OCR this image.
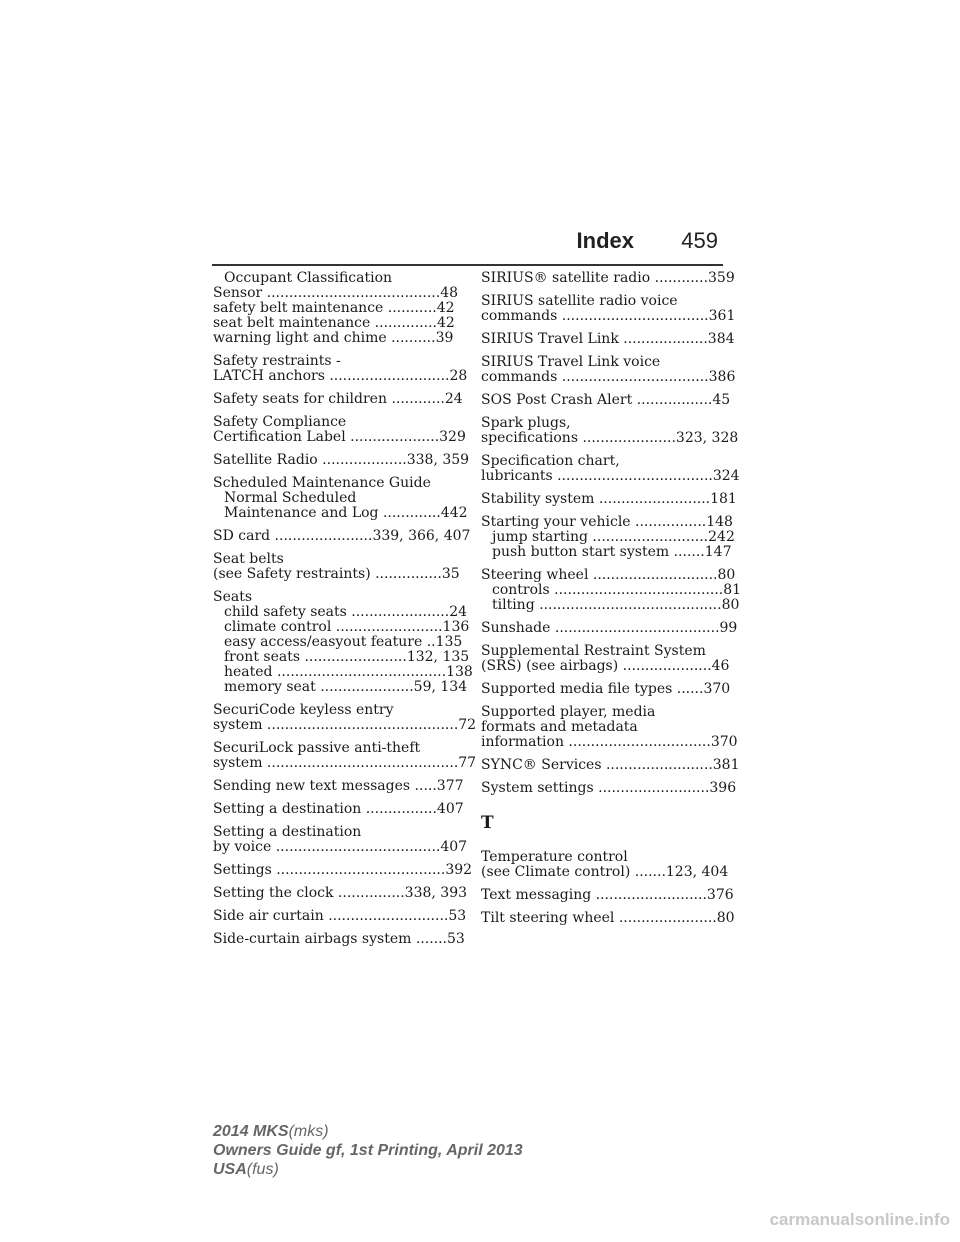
Index 459
Occupant Classification
Sensor .......................................48
safety belt maintenance ...........42
seat belt maintenance ..............42
warning light and chime ..........39
Safety restraints -
LATCH anchors ...........................28
Safety seats for children ............24
Safety Compliance
Certification Label ....................329
Satellite Radio ...................338, 359
Scheduled Maintenance Guide
Normal Scheduled
Maintenance and Log .............442
SD card ......................339, 366, 407
Seat belts
(see Safety restraints) ...............35
Seats
child safety seats ......................24
climate control ........................136
easy access/easyout feature ..135
front seats .......................132, 135
heated ......................................138
memory seat .....................59, 134
SecuriCode keyless entry
system ...........................................72
SecuriLock passive anti-theft
system ...........................................77
Sending new text messages .....377
Setting a destination ................407
Setting a destination
by voice .....................................407
Settings ......................................392
Setting the clock ...............338, 393
Side air curtain ...........................53
Side-curtain airbags system .......53
SIRIUS® satellite radio ............359
SIRIUS satellite radio voice
commands .................................361
SIRIUS Travel Link ...................384
SIRIUS Travel Link voice
commands .................................386
SOS Post Crash Alert .................45
Spark plugs,
specifications .....................323, 328
Specification chart,
lubricants ...................................324
Stability system .........................181
Starting your vehicle ................148
jump starting ..........................242
push button start system .......147
Steering wheel ............................80
controls ......................................81
tilting .........................................80
Sunshade .....................................99
Supplemental Restraint System
(SRS) (see airbags) ....................46
Supported media file types ......370
Supported player, media
formats and metadata
information ................................370
SYNC® Services ........................381
System settings .........................396
T
Temperature control
(see Climate control) .......123, 404
Text messaging .........................376
Tilt steering wheel ......................80
2014 MKS(mks)
Owners Guide gf, 1st Printing, April 2013
USA(fus)
carmanualsonline.info
